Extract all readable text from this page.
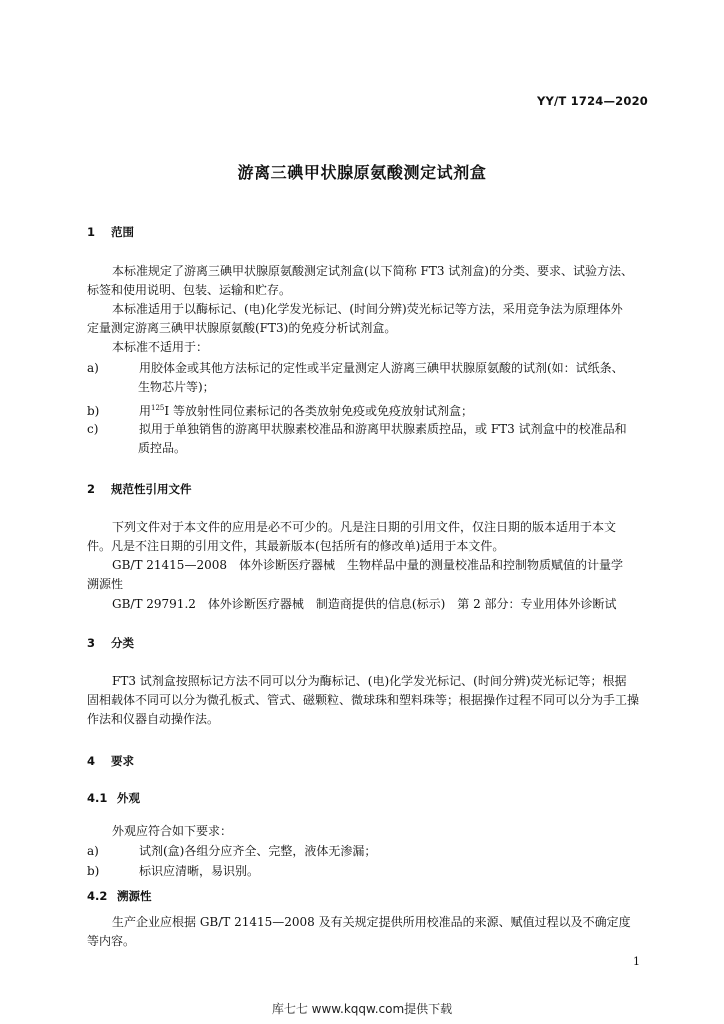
YY/T 1724—2020
游离三碘甲状腺原氨酸测定试剂盒
1 范围
本标准规定了游离三碘甲状腺原氨酸测定试剂盒(以下简称 FT3 试剂盒)的分类、要求、试验方法、
标签和使用说明、包装、运输和贮存。
本标准适用于以酶标记、(电)化学发光标记、(时间分辨)荧光标记等方法，采用竞争法为原理体外
定量测定游离三碘甲状腺原氨酸(FT3)的免疫分析试剂盒。
本标准不适用于：
a)	用胶体金或其他方法标记的定性或半定量测定人游离三碘甲状腺原氨酸的试剂(如：试纸条、
生物芯片等)；
b)	用$^{125}$I 等放射性同位素标记的各类放射免疫或免疫放射试剂盒；
c)	拟用于单独销售的游离甲状腺素校准品和游离甲状腺素质控品，或 FT3 试剂盒中的校准品和
质控品。
2 规范性引用文件
下列文件对于本文件的应用是必不可少的。凡是注日期的引用文件，仅注日期的版本适用于本文
件。凡是不注日期的引用文件，其最新版本(包括所有的修改单)适用于本文件。
GB/T 21415—2008　体外诊断医疗器械　生物样品中量的测量校准品和控制物质赋值的计量学
溯源性
GB/T 29791.2　体外诊断医疗器械　制造商提供的信息(标示)　第 2 部分：专业用体外诊断试
3 分类
FT3 试剂盒按照标记方法不同可以分为酶标记、(电)化学发光标记、(时间分辨)荧光标记等；根据
固相载体不同可以分为微孔板式、管式、磁颗粒、微球珠和塑料珠等；根据操作过程不同可以分为手工操
作法和仪器自动操作法。
4 要求
4.1 外观
外观应符合如下要求：
a)	试剂(盒)各组分应齐全、完整，液体无渗漏；
b)	标识应清晰，易识别。
4.2 溯源性
生产企业应根据 GB/T 21415—2008 及有关规定提供所用校准品的来源、赋值过程以及不确定度
等内容。
1
库七七 www.kqqw.com提供下载
